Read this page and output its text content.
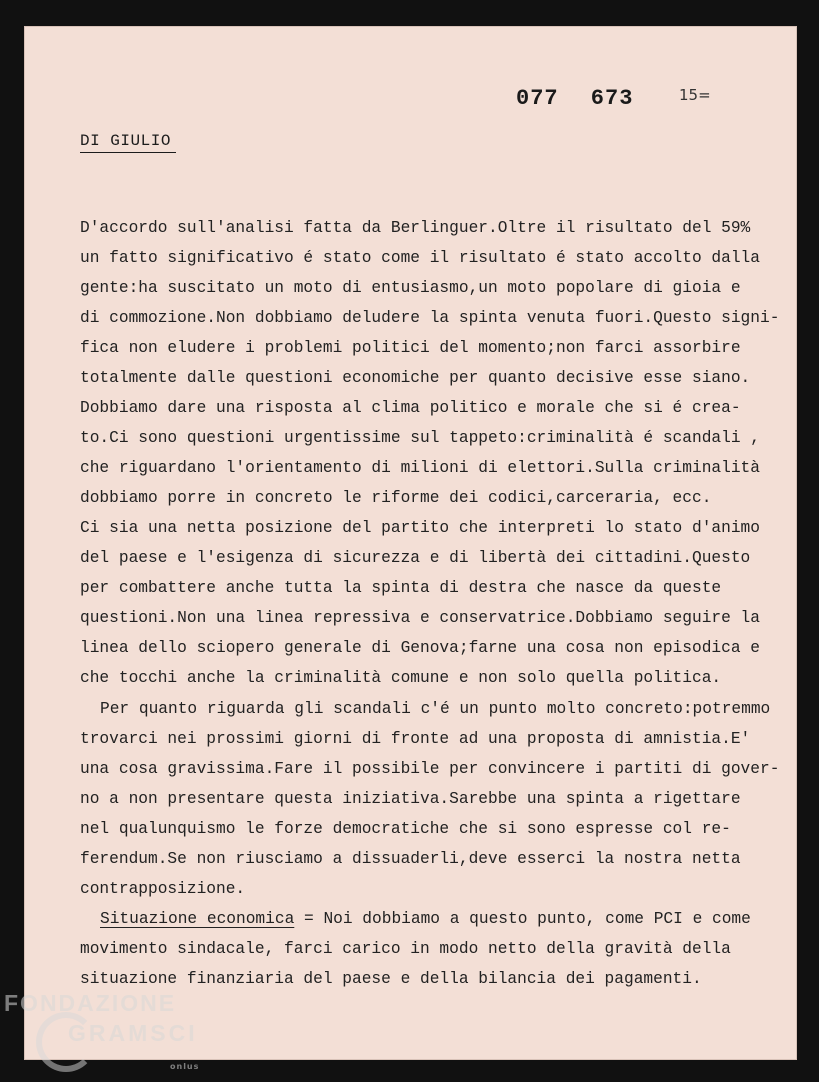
077 673	15=
DI GIULIO
D'accordo sull'analisi fatta da Berlinguer.Oltre il risultato del 59%
un fatto significativo é stato come il risultato é stato accolto dalla
gente:ha suscitato un moto di entusiasmo,un moto popolare di gioia e
di commozione.Non dobbiamo deludere la spinta venuta fuori.Questo signi-
fica non eludere i problemi politici del momento;non farci assorbire
totalmente dalle questioni economiche per quanto decisive esse siano.
Dobbiamo dare una risposta al clima politico e morale che si é crea-
to.Ci sono questioni urgentissime sul tappeto:criminalità é scandali ,
che riguardano l'orientamento di milioni di elettori.Sulla criminalità
dobbiamo porre in concreto le riforme dei codici,carceraria, ecc.
Ci sia una netta posizione del partito che interpreti lo stato d'animo
del paese e l'esigenza di sicurezza e di libertà dei cittadini.Questo
per combattere anche tutta la spinta di destra che nasce da queste
questioni.Non una linea repressiva e conservatrice.Dobbiamo seguire la
linea dello sciopero generale di Genova;farne una cosa non episodica e
che tocchi anche la criminalità comune e non solo quella politica.
Per quanto riguarda gli scandali c'é un punto molto concreto:potremmo
trovarci nei prossimi giorni di fronte ad una proposta di amnistia.E'
una cosa gravissima.Fare il possibile per convincere i partiti di gover-
no a non presentare questa iniziativa.Sarebbe una spinta a rigettare
nel qualunquismo le forze democratiche che si sono espresse col re-
ferendum.Se non riusciamo a dissuaderli,deve esserci la nostra netta
contrapposizione.
Situazione economica = Noi dobbiamo a questo punto, come PCI e come
movimento sindacale, farci carico in modo netto della gravità della
situazione finanziaria del paese e della bilancia dei pagamenti.
FONDAZIONE
GRAMSCI
onlus
